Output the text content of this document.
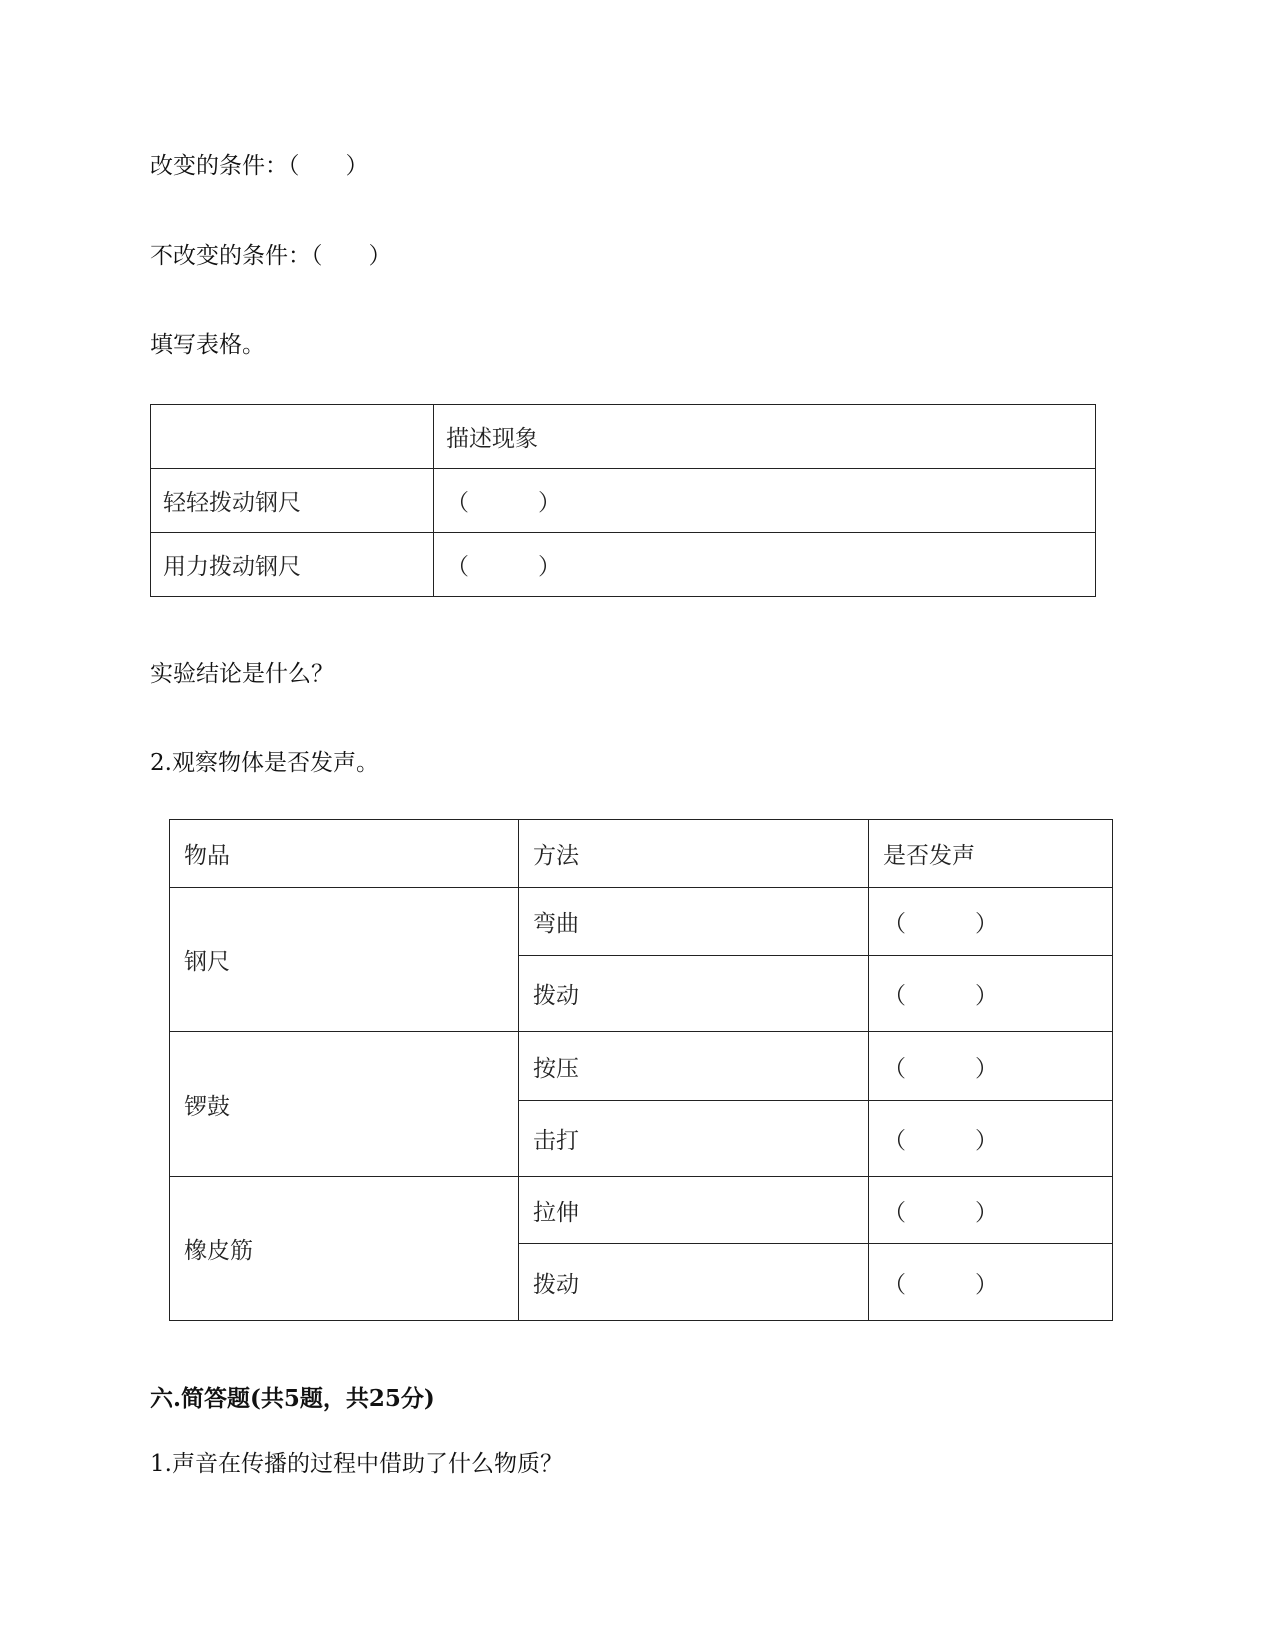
改变的条件：（　　）
不改变的条件：（　　）
填写表格。
	描述现象
轻轻拨动钢尺	（　　　）
用力拨动钢尺	（　　　）
实验结论是什么？
2.观察物体是否发声。
物品	方法	是否发声
钢尺	弯曲	（　　　）
	拨动	（　　　）
锣鼓	按压	（　　　）
	击打	（　　　）
橡皮筋	拉伸	（　　　）
	拨动	（　　　）
六.简答题(共5题，共25分)
1.声音在传播的过程中借助了什么物质？
